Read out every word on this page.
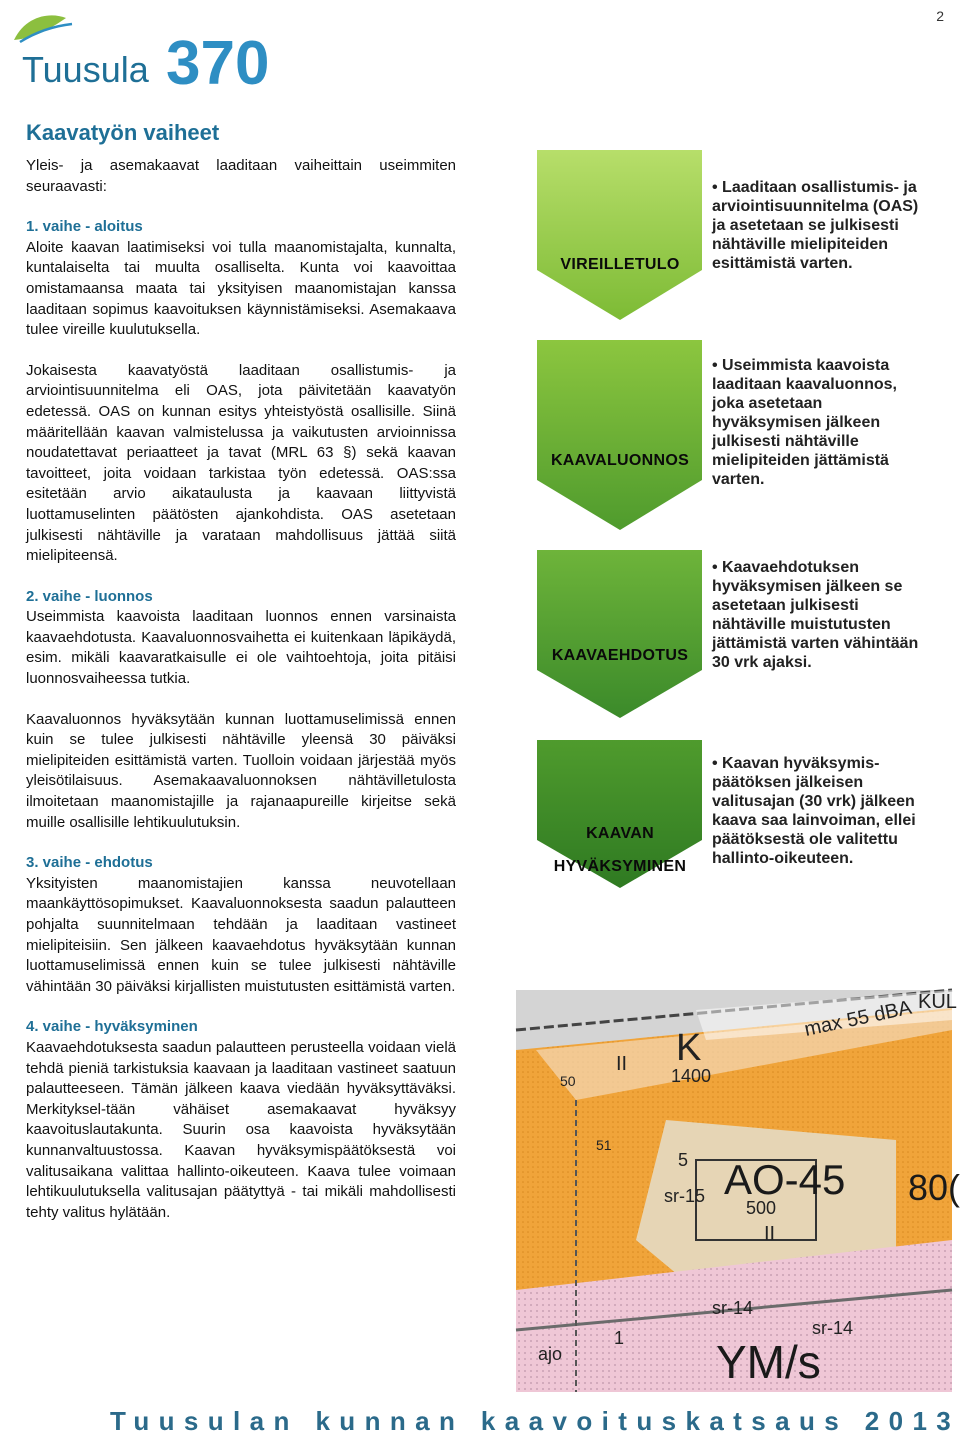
2
Tuusula 370
Kaavatyön vaiheet

Yleis- ja asemakaavat laaditaan vaiheittain useimmiten seuraavasti:

1. vaihe - aloitus

Aloite kaavan laatimiseksi voi tulla maanomistajalta, kunnalta, kuntalaiselta tai muulta osalliselta. Kunta voi kaavoittaa omistamaansa maata tai yksityisen maanomistajan kanssa laaditaan sopimus kaavoituksen käynnistämiseksi. Asemakaava tulee vireille kuulutuksella.

Jokaisesta kaavatyöstä laaditaan osallistumis- ja arviointisuunnitelma eli OAS, jota päivitetään kaavatyön edetessä. OAS on kunnan esitys yhteistyöstä osallisille. Siinä määritellään kaavan valmistelussa ja vaikutusten arvioinnissa noudatettavat periaatteet ja tavat (MRL 63 §) sekä kaavan tavoitteet, joita voidaan tarkistaa työn edetessä. OAS:ssa esitetään arvio aikataulusta ja kaavaan liittyvistä luottamuselinten päätösten ajankohdista. OAS asetetaan julkisesti nähtäville ja varataan mahdollisuus jättää siitä mielipiteensä.

2. vaihe - luonnos

Useimmista kaavoista laaditaan luonnos ennen varsinaista kaavaehdotusta. Kaavaluonnosvaihetta ei kuitenkaan läpikäydä, esim. mikäli kaavaratkaisulle ei ole vaihtoehtoja, joita pitäisi luonnosvaiheessa tutkia.

Kaavaluonnos hyväksytään kunnan luottamuselimissä ennen kuin se tulee julkisesti nähtäville yleensä 30 päiväksi mielipiteiden esittämistä varten. Tuolloin voidaan järjestää myös yleisötilaisuus. Asemakaavaluonnoksen nähtävilletulosta ilmoitetaan maanomistajille ja rajanaapureille kirjeitse sekä muille osallisille lehtikuulutuksin.

3. vaihe - ehdotus

Yksityisten maanomistajien kanssa neuvotellaan maankäyttösopimukset. Kaavaluonnoksesta saadun palautteen pohjalta suunnitelmaan tehdään ja laaditaan vastineet mielipiteisiin. Sen jälkeen kaavaehdotus hyväksytään kunnan luottamuselimissä ennen kuin se tulee julkisesti nähtäville vähintään 30 päiväksi kirjallisten muistutusten esittämistä varten.

4. vaihe - hyväksyminen

Kaavaehdotuksesta saadun palautteen perusteella voidaan vielä tehdä pieniä tarkistuksia kaavaan ja laaditaan vastineet saatuun palautteeseen. Tämän jälkeen kaava viedään hyväksyttäväksi. Merkityksel-tään vähäiset asemakaavat hyväksyy kaavoituslautakunta. Suurin osa kaavoista hyväksytään kunnanvaltuustossa. Kaavan hyväksymispäätöksestä voi valitusaikana valittaa hallinto-oikeuteen. Kaava tulee voimaan lehtikuulutuksella valitusajan päätyttyä - tai mikäli mahdollisesti tehty valitus hylätään.

VIREILLETULO
KAAVALUONNOS
KAAVAEHDOTUS
KAAVAN
HYVÄKSYMINEN
• Laaditaan osallistumis- ja
arviointisuunnitelma (OAS)
ja asetetaan se julkisesti
nähtäville mielipiteiden
esittämistä varten.
• Useimmista kaavoista
laaditaan kaavaluonnos,
joka asetetaan
hyväksymisen jälkeen
julkisesti nähtäville
mielipiteiden jättämistä
varten.
• Kaavaehdotuksen
hyväksymisen jälkeen se
asetetaan julkisesti
nähtäville muistutusten
jättämistä varten vähintään
30 vrk ajaksi.
• Kaavan hyväksymis-
päätöksen jälkeisen
valitusajan (30 vrk) jälkeen
kaava saa lainvoiman, ellei
päätöksestä ole valitettu
hallinto-oikeuteen.
KUL
max 55 dBA
K
1400
50
51
II
AO-45
500
II
80(
5
sr-15
sr-14
sr-14
YM/s
ajo
1
Tuusulan kunnan kaavoituskatsaus 2013
